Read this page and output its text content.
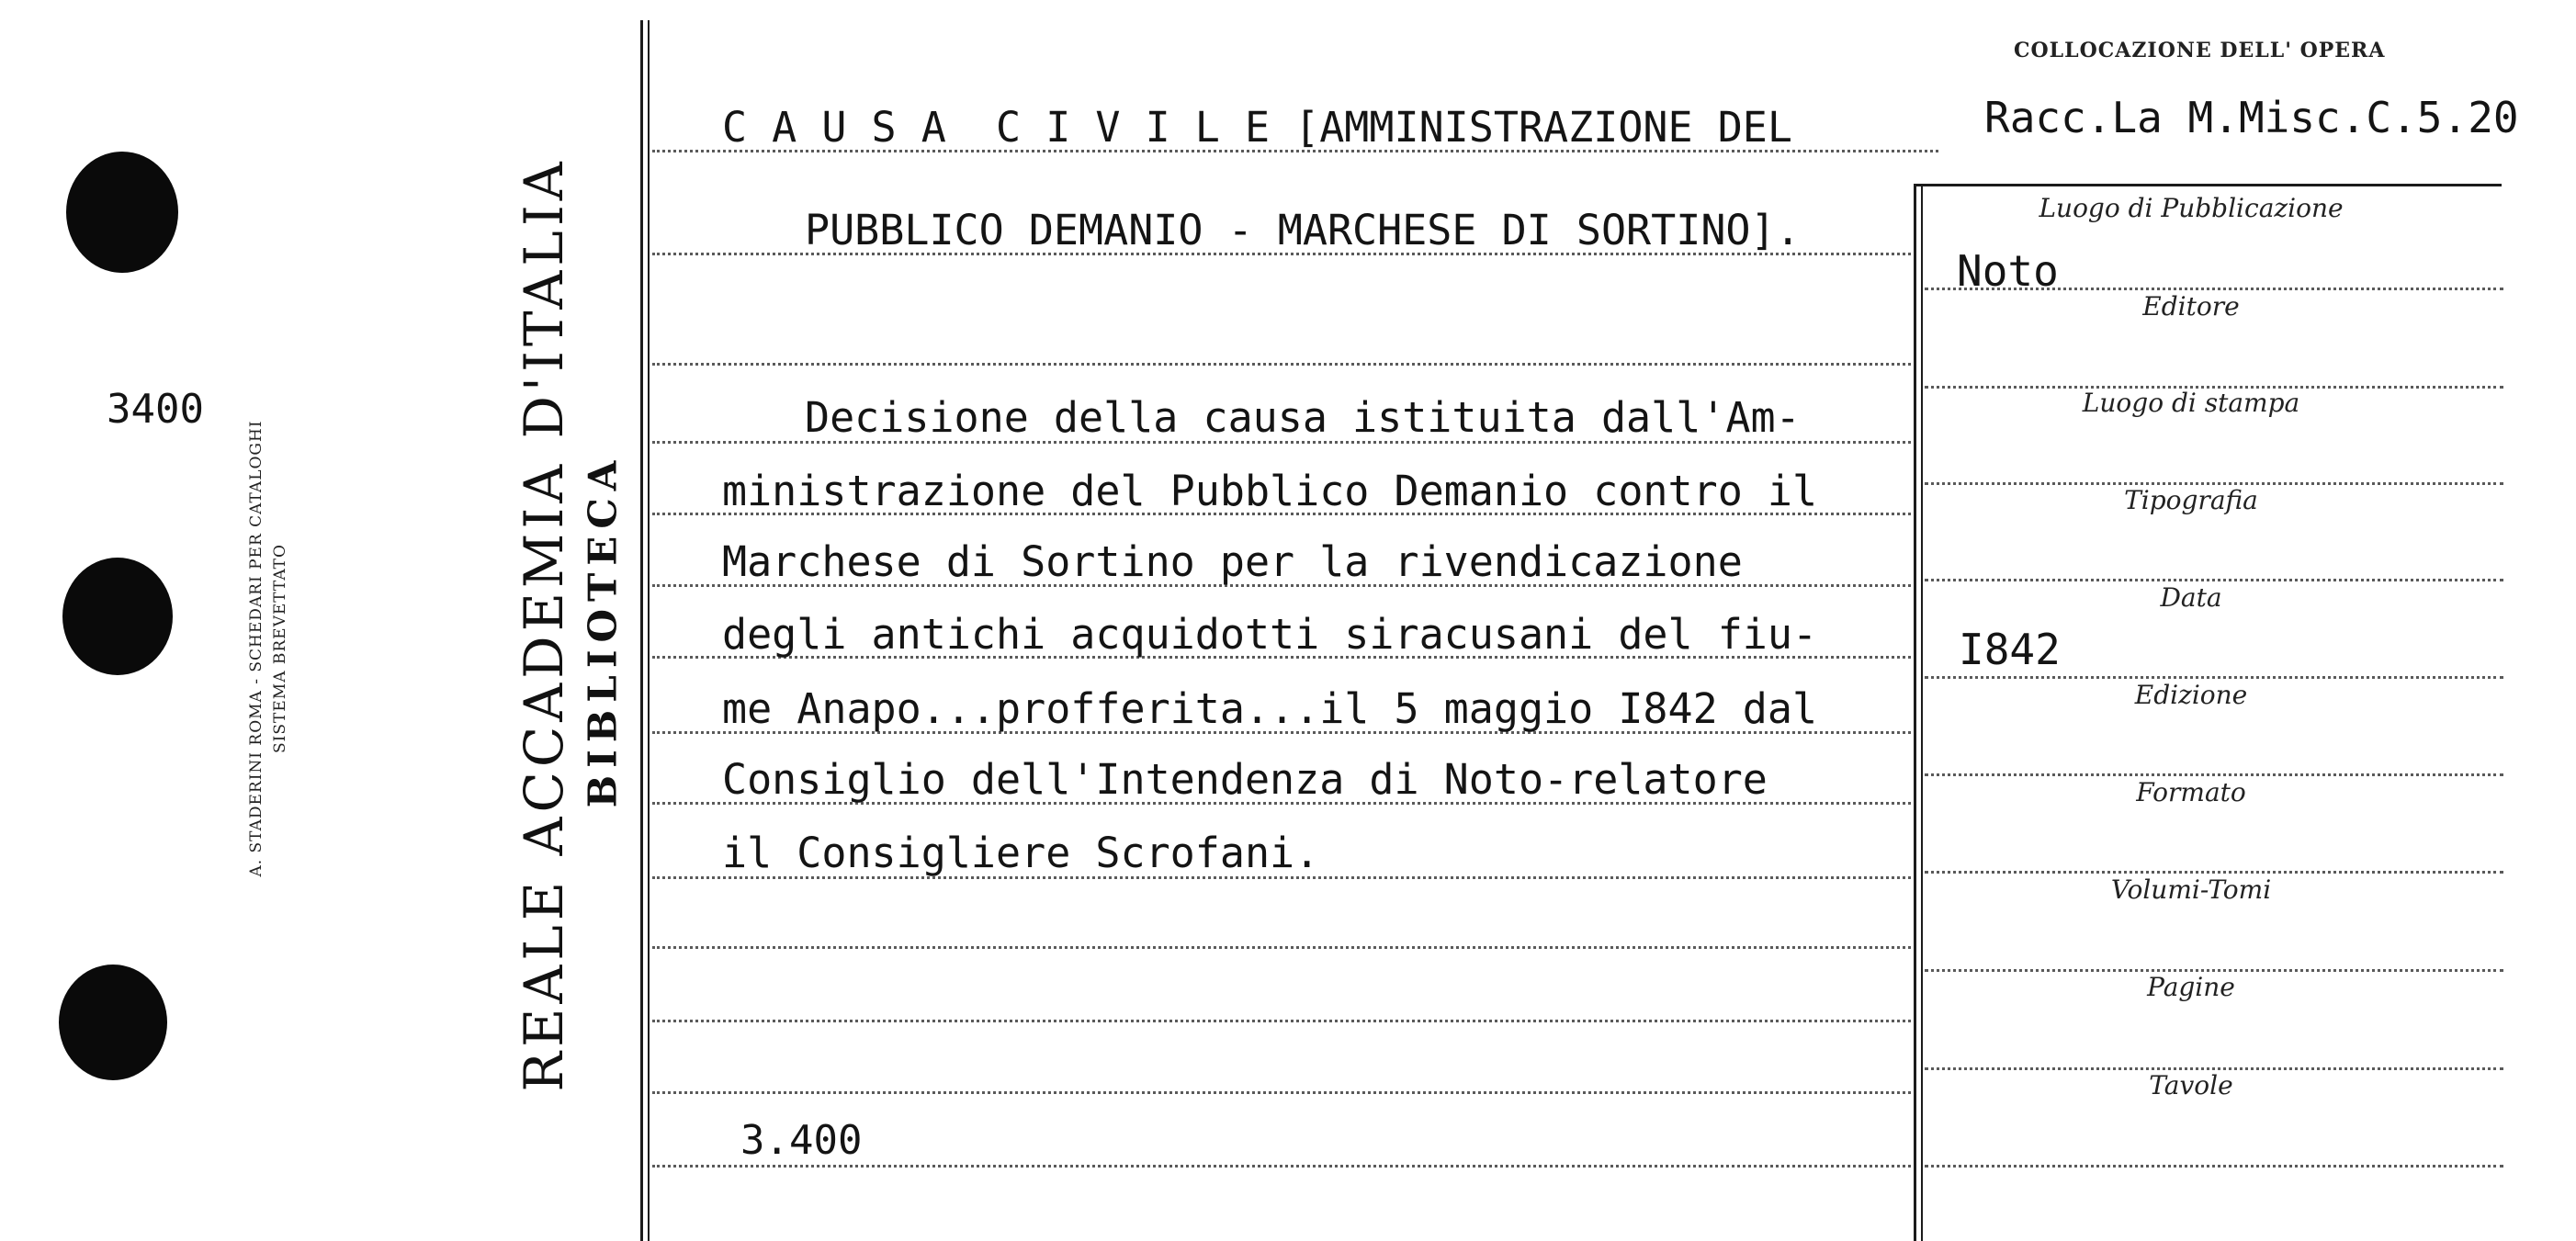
3400
A. STADERINI ROMA - SCHEDARI PER CATALOGHI SISTEMA BREVETTATO	REALE ACCADEMIA D'ITALIA BIBLIOTECA
COLLOCAZIONE DELL' OPERA
Racc.La M.Misc.C.5.20
C A U S A  C I V I L E [AMMINISTRAZIONE DEL
PUBBLICO DEMANIO - MARCHESE DI SORTINO].
Decisione della causa istituita dall'Am-
ministrazione del Pubblico Demanio contro il
Marchese di Sortino per la rivendicazione
degli antichi acquidotti siracusani del fiu-
me Anapo...profferita...il 5 maggio I842 dal
Consiglio dell'Intendenza di Noto-relatore
il Consigliere Scrofani.
3.400
Luogo di Pubblicazione
Noto
Editore
Luogo di stampa
Tipografia
Data
I842
Edizione
Formato
Volumi-Tomi
Pagine
Tavole
